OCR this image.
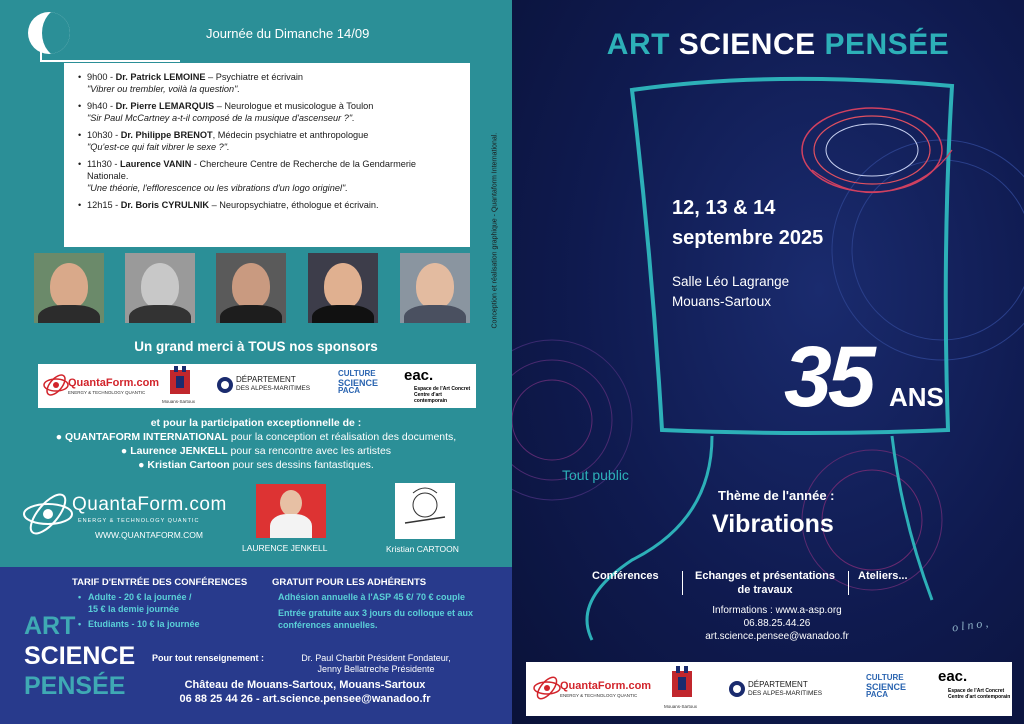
Journée du Dimanche 14/09
• 9h00 - Dr. Patrick LEMOINE – Psychiatre et écrivain
"Vibrer ou trembler, voilà la question".
• 9h40 - Dr. Pierre LEMARQUIS – Neurologue et musicologue à Toulon
"Sir Paul McCartney a-t-il composé de la musique d'ascenseur ?".
• 10h30 - Dr. Philippe BRENOT, Médecin psychiatre et anthropologue
"Qu'est-ce qui fait vibrer le sexe ?".
• 11h30 - Laurence VANIN - Chercheure Centre de Recherche de la Gendarmerie Nationale.
"Une théorie, l'efflorescence ou les vibrations d'un logo originel".
• 12h15 - Dr. Boris CYRULNIK – Neuropsychiatre, éthologue et écrivain.	Conception et réalisation graphique - Quantaform International.
Un grand merci à TOUS nos sponsors
QuantaForm.com
ENERGY & TECHNOLOGY QUANTIC
Mouans-Sartoux
DÉPARTEMENT
DES ALPES-MARITIMES
CULTURE
SCIENCE
PACA
eac.
Espace de l'Art Concret
Centre d'art contemporain
et pour la participation exceptionnelle de :
● QUANTAFORM INTERNATIONAL pour la conception et réalisation des documents,
● Laurence JENKELL pour sa rencontre avec les artistes
● Kristian Cartoon pour ses dessins fantastiques.
QuantaForm.com
ENERGY & TECHNOLOGY QUANTIC
WWW.QUANTAFORM.COM
LAURENCE JENKELL	Kristian CARTOON
ART
SCIENCE
PENSÉE
TARIF D'ENTRÉE DES CONFÉRENCES
• Adulte - 20 € la journée /
15 € la demie journée
• Etudiants - 10 € la journée
GRATUIT POUR LES ADHÉRENTS
Adhésion annuelle à l'ASP 45 €/ 70 € couple
Entrée gratuite aux 3 jours du colloque et aux conférences annuelles.
Pour tout renseignement :	Dr. Paul Charbit Président Fondateur,
Jenny Bellatreche Présidente
Château de Mouans-Sartoux, Mouans-Sartoux
06 88 25 44 26 - art.science.pensee@wanadoo.fr
ART SCIENCE PENSÉE
12, 13 & 14
septembre 2025
Salle Léo Lagrange
Mouans-Sartoux
35 ANS
Tout public
Thème de l'année :
Vibrations
Conférences	Echanges et présentations
de travaux
Ateliers...
Informations : www.a-asp.org
06.88.25.44.26
art.science.pensee@wanadoo.fr
o l n o ,
QuantaForm.com
ENERGY & TECHNOLOGY QUANTIC
Mouans-Sartoux
DÉPARTEMENT
DES ALPES-MARITIMES
CULTURE
SCIENCE
PACA
eac.
Espace de l'Art Concret
Centre d'art contemporain
